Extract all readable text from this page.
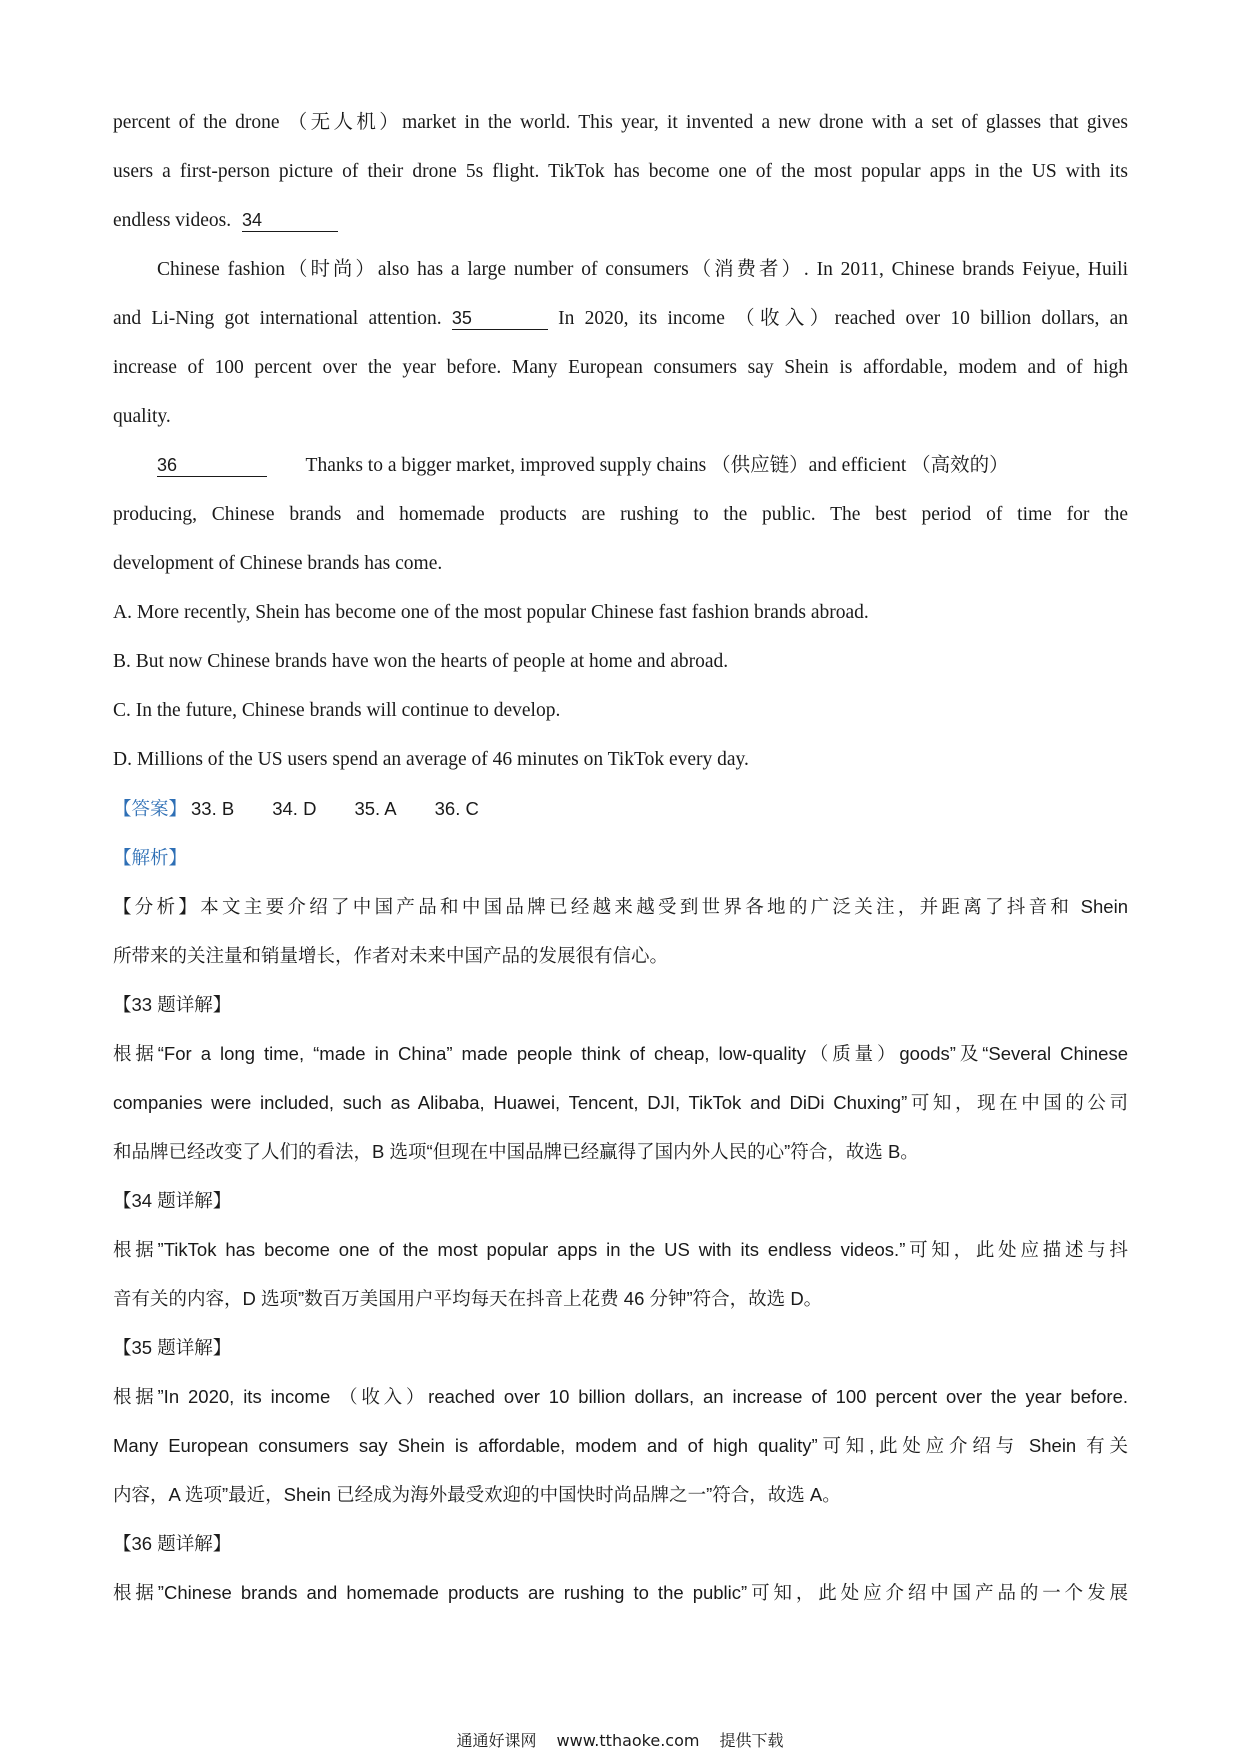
percent of the drone （无人机）market in the world. This year, it invented a new drone with a set of glasses that gives
users a first-person picture of their drone 5s flight. TikTok has become one of the most popular apps in the US with its
endless videos. 34
Chinese fashion（时尚）also has a large number of consumers（消费者）. In 2011, Chinese brands Feiyue, Huili
and Li-Ning got international attention. 35	In 2020, its income （收入）reached over 10 billion dollars, an
increase of 100 percent over the year before. Many European consumers say Shein is affordable, modem and of high
quality.
36	Thanks to a bigger market, improved supply chains （供应链）and efficient （高效的）
producing, Chinese brands and homemade products are rushing to the public. The best period of time for the
development of Chinese brands has come.
A. More recently, Shein has become one of the most popular Chinese fast fashion brands abroad.
B. But now Chinese brands have won the hearts of people at home and abroad.
C. In the future, Chinese brands will continue to develop.
D. Millions of the US users spend an average of 46 minutes on TikTok every day.
【答案】 33. B 34. D 35. A 36. C
【解析】
【分析】本文主要介绍了中国产品和中国品牌已经越来越受到世界各地的广泛关注，并距离了抖音和 Shein
所带来的关注量和销量增长，作者对未来中国产品的发展很有信心。
【33 题详解】
根据“For a long time, “made in China” made people think of cheap, low-quality（质量）goods”及“Several Chinese
companies were included, such as Alibaba, Huawei, Tencent, DJI, TikTok and DiDi Chuxing”可知，现在中国的公司
和品牌已经改变了人们的看法，B 选项“但现在中国品牌已经赢得了国内外人民的心”符合，故选 B。
【34 题详解】
根据”TikTok has become one of the most popular apps in the US with its endless videos.”可知，此处应描述与抖
音有关的内容，D 选项”数百万美国用户平均每天在抖音上花费 46 分钟”符合，故选 D。
【35 题详解】
根据”In 2020, its income （收入）reached over 10 billion dollars, an increase of 100 percent over the year before.
Many European consumers say Shein is affordable, modem and of high quality”可知,此处应介绍与 Shein 有关
内容，A 选项”最近，Shein 已经成为海外最受欢迎的中国快时尚品牌之一”符合，故选 A。
【36 题详解】
根据”Chinese brands and homemade products are rushing to the public”可知，此处应介绍中国产品的一个发展
通通好课网 www.tthaoke.com 提供下载
